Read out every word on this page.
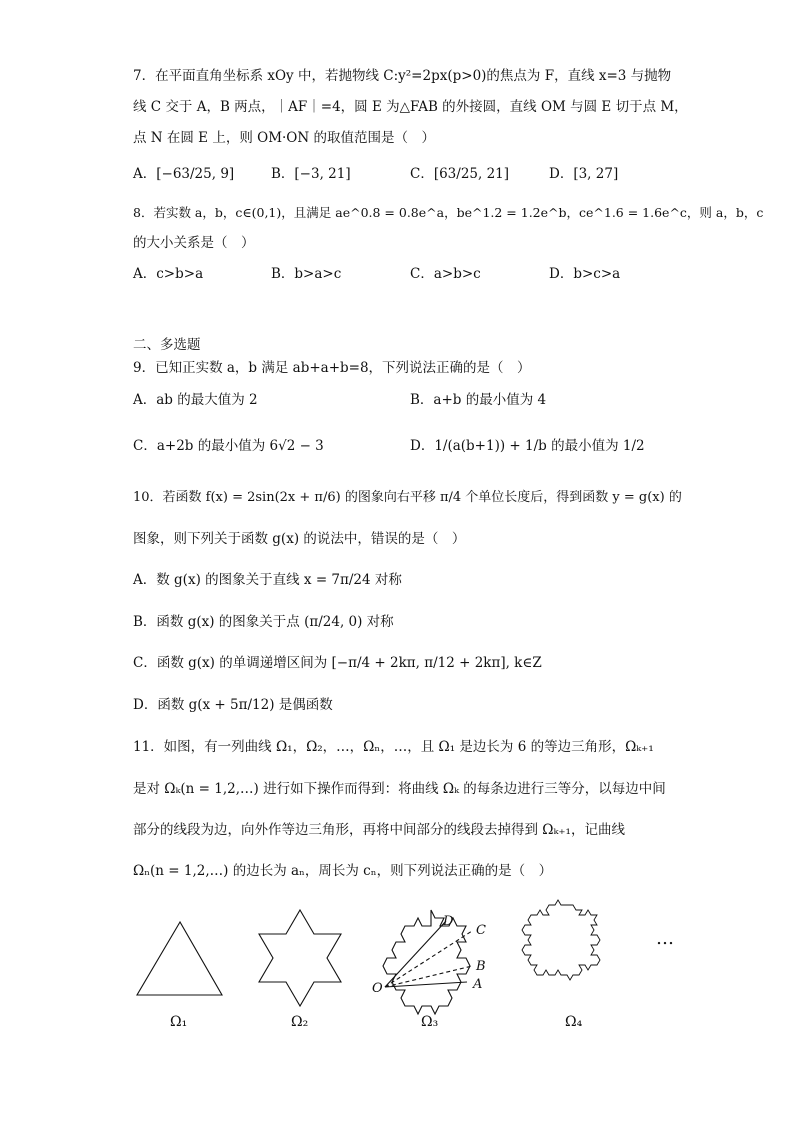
7．在平面直角坐标系 xOy 中，若抛物线 C:y²=2px(p>0)的焦点为 F，直线 x=3 与抛物
线 C 交于 A，B 两点，｜AF｜=4，圆 E 为△FAB 的外接圆，直线 OM 与圆 E 切于点 M，
点 N 在圆 E 上，则 OM·ON 的取值范围是（　）
A．[−63/25, 9]	B．[−3, 21]	C．[63/25, 21]	D．[3, 27]
8．若实数 a，b，c∈(0,1)，且满足 ae^0.8 = 0.8e^a，be^1.2 = 1.2e^b，ce^1.6 = 1.6e^c，则 a，b，c
的大小关系是（　）
A．c>b>a	B．b>a>c	C．a>b>c	D．b>c>a
二、多选题
9．已知正实数 a，b 满足 ab+a+b=8，下列说法正确的是（　）
A．ab 的最大值为 2	B．a+b 的最小值为 4
C．a+2b 的最小值为 6√2 − 3	D．1/(a(b+1)) + 1/b 的最小值为 1/2
10．若函数 f(x) = 2sin(2x + π/6) 的图象向右平移 π/4 个单位长度后，得到函数 y = g(x) 的
图象，则下列关于函数 g(x) 的说法中，错误的是（　）
A．数 g(x) 的图象关于直线 x = 7π/24 对称
B．函数 g(x) 的图象关于点 (π/24, 0) 对称
C．函数 g(x) 的单调递增区间为 [−π/4 + 2kπ, π/12 + 2kπ], k∈Z
D．函数 g(x + 5π/12) 是偶函数
11．如图，有一列曲线 Ω₁，Ω₂，…，Ωₙ，…，且 Ω₁ 是边长为 6 的等边三角形，Ωₖ₊₁
是对 Ωₖ(n = 1,2,…) 进行如下操作而得到：将曲线 Ωₖ 的每条边进行三等分，以每边中间
部分的线段为边，向外作等边三角形，再将中间部分的线段去掉得到 Ωₖ₊₁，记曲线
Ωₙ(n = 1,2,…) 的边长为 aₙ，周长为 cₙ，则下列说法正确的是（　）
O	A
B
C
D
Ω₁	Ω₂	Ω₃	Ω₄
…
